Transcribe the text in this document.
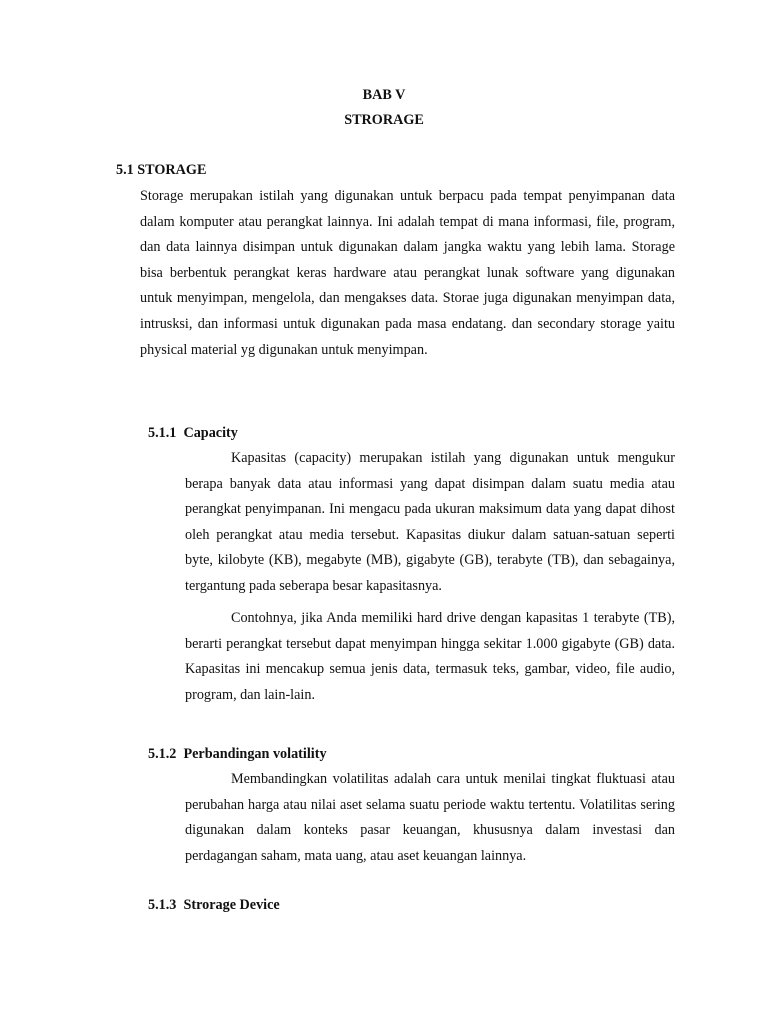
BAB V

STRORAGE

5.1 STORAGE

Storage merupakan istilah yang digunakan untuk berpacu pada tempat penyimpanan data dalam komputer atau perangkat lainnya. Ini adalah tempat di mana informasi, file, program, dan data lainnya disimpan untuk digunakan dalam jangka waktu yang lebih lama. Storage bisa berbentuk perangkat keras hardware atau perangkat lunak software yang digunakan untuk menyimpan, mengelola, dan mengakses data. Storae juga digunakan menyimpan data, intrusksi, dan informasi untuk digunakan pada masa endatang. dan secondary storage yaitu physical material yg digunakan untuk menyimpan.

5.1.1  Capacity

Kapasitas (capacity) merupakan istilah yang digunakan untuk mengukur berapa banyak data atau informasi yang dapat disimpan dalam suatu media atau perangkat penyimpanan. Ini mengacu pada ukuran maksimum data yang dapat dihost oleh perangkat atau media tersebut. Kapasitas diukur dalam satuan-satuan seperti byte, kilobyte (KB), megabyte (MB), gigabyte (GB), terabyte (TB), dan sebagainya, tergantung pada seberapa besar kapasitasnya.

Contohnya, jika Anda memiliki hard drive dengan kapasitas 1 terabyte (TB), berarti perangkat tersebut dapat menyimpan hingga sekitar 1.000 gigabyte (GB) data. Kapasitas ini mencakup semua jenis data, termasuk teks, gambar, video, file audio, program, dan lain-lain.

5.1.2  Perbandingan volatility

Membandingkan volatilitas adalah cara untuk menilai tingkat fluktuasi atau perubahan harga atau nilai aset selama suatu periode waktu tertentu. Volatilitas sering digunakan dalam konteks pasar keuangan, khususnya dalam investasi dan perdagangan saham, mata uang, atau aset keuangan lainnya.

5.1.3  Strorage Device
